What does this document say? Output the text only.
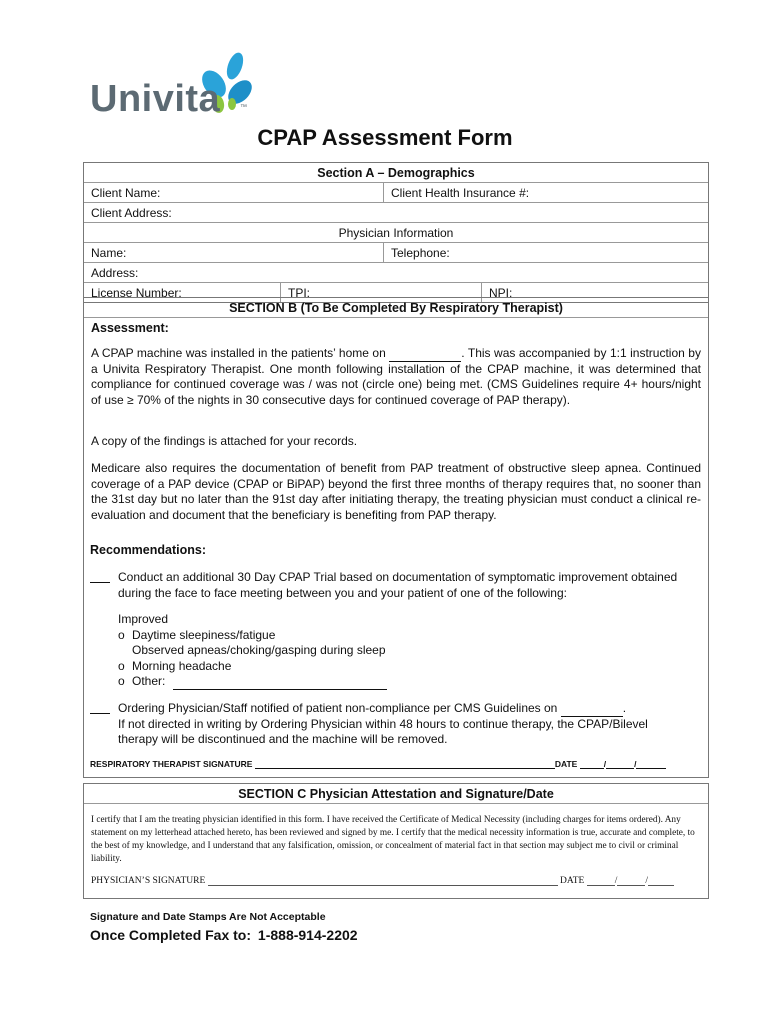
Univita	™
CPAP Assessment Form
Section A – Demographics
Client Name:	Client Health Insurance #:
Client Address:
Physician Information
Name:	Telephone:
Address:
License Number:	TPI:	NPI:
SECTION B (To Be Completed By Respiratory Therapist)
Assessment:
A CPAP machine was installed in the patients’ home on	. This was accompanied by 1:1 instruction by a Univita Respiratory Therapist. One month following installation of the CPAP machine, it was determined that compliance for continued coverage was / was not (circle one) being met. (CMS Guidelines require 4+ hours/night of use ≥ 70% of the nights in 30 consecutive days for continued coverage of PAP therapy).
A copy of the findings is attached for your records.
Medicare also requires the documentation of benefit from PAP treatment of obstructive sleep apnea. Continued coverage of a PAP device (CPAP or BiPAP) beyond the first three months of therapy requires that, no sooner than the 31st day but no later than the 91st day after initiating therapy, the treating physician must conduct a clinical re-evaluation and document that the beneficiary is benefiting from PAP therapy.
Recommendations:
Conduct an additional 30 Day CPAP Trial based on documentation of symptomatic improvement obtained during the face to face meeting between you and your patient of one of the following:
Improved
o Daytime sleepiness/fatigue
Observed apneas/choking/gasping during sleep
o Morning headache
o Other:
Ordering Physician/Staff notified of patient non-compliance per CMS Guidelines on	.
If not directed in writing by Ordering Physician within 48 hours to continue therapy, the CPAP/Bilevel therapy will be discontinued and the machine will be removed.
RESPIRATORY THERAPIST SIGNATURE	DATE	/	/
SECTION C Physician Attestation and Signature/Date
I certify that I am the treating physician identified in this form. I have received the Certificate of Medical Necessity (including charges for items ordered). Any statement on my letterhead attached hereto, has been reviewed and signed by me. I certify that the medical necessity information is true, accurate and complete, to the best of my knowledge, and I understand that any falsification, omission, or concealment of material fact in that section may subject me to civil or criminal liability.
PHYSICIAN’S SIGNATURE	DATE	/	/
Signature and Date Stamps Are Not Acceptable
Once Completed Fax to: 1-888-914-2202
